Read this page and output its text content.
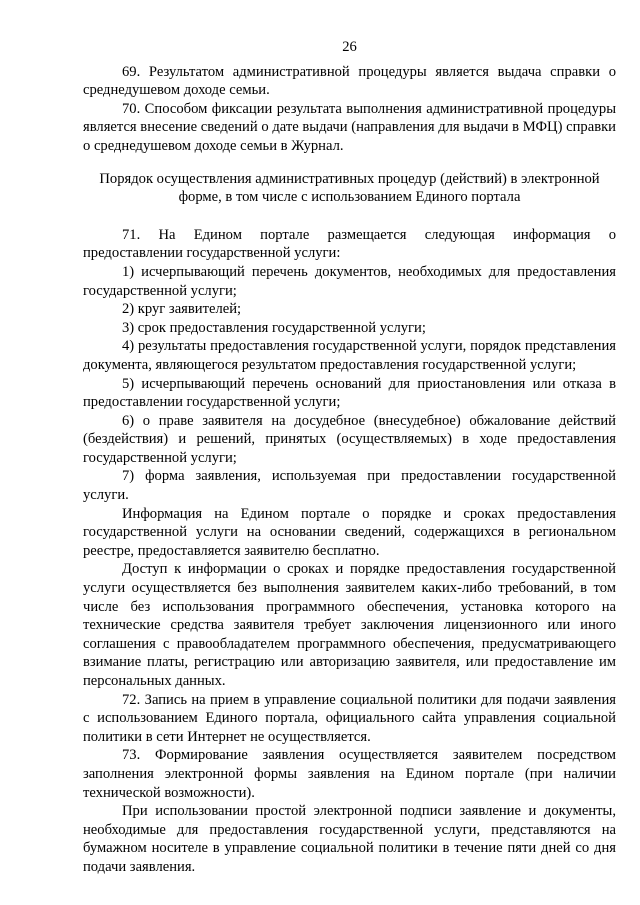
26

69. Результатом административной процедуры является выдача справки о среднедушевом доходе семьи.

70. Способом фиксации результата выполнения административной процедуры является внесение сведений о дате выдачи (направления для выдачи в МФЦ) справки о среднедушевом доходе семьи в Журнал.

Порядок осуществления административных процедур (действий) в электронной форме, в том числе с использованием Единого портала

71. На Едином портале размещается следующая информация о предоставлении государственной услуги:

1) исчерпывающий перечень документов, необходимых для предоставления государственной услуги;

2) круг заявителей;

3) срок предоставления государственной услуги;

4) результаты предоставления государственной услуги, порядок представления документа, являющегося результатом предоставления государственной услуги;

5) исчерпывающий перечень оснований для приостановления или отказа в предоставлении государственной услуги;

6) о праве заявителя на досудебное (внесудебное) обжалование действий (бездействия) и решений, принятых (осуществляемых) в ходе предоставления государственной услуги;

7) форма заявления, используемая при предоставлении государственной услуги.

Информация на Едином портале о порядке и сроках предоставления государственной услуги на основании сведений, содержащихся в региональном реестре, предоставляется заявителю бесплатно.

Доступ к информации о сроках и порядке предоставления государственной услуги осуществляется без выполнения заявителем каких-либо требований, в том числе без использования программного обеспечения, установка которого на технические средства заявителя требует заключения лицензионного или иного соглашения с правообладателем программного обеспечения, предусматривающего взимание платы, регистрацию или авторизацию заявителя, или предоставление им персональных данных.

72. Запись на прием в управление социальной политики для подачи заявления с использованием Единого портала, официального сайта управления социальной политики в сети Интернет не осуществляется.

73. Формирование заявления осуществляется заявителем посредством заполнения электронной формы заявления на Едином портале (при наличии технической возможности).

При использовании простой электронной подписи заявление и документы, необходимые для предоставления государственной услуги, представляются на бумажном носителе в управление социальной политики в течение пяти дней со дня подачи заявления.
